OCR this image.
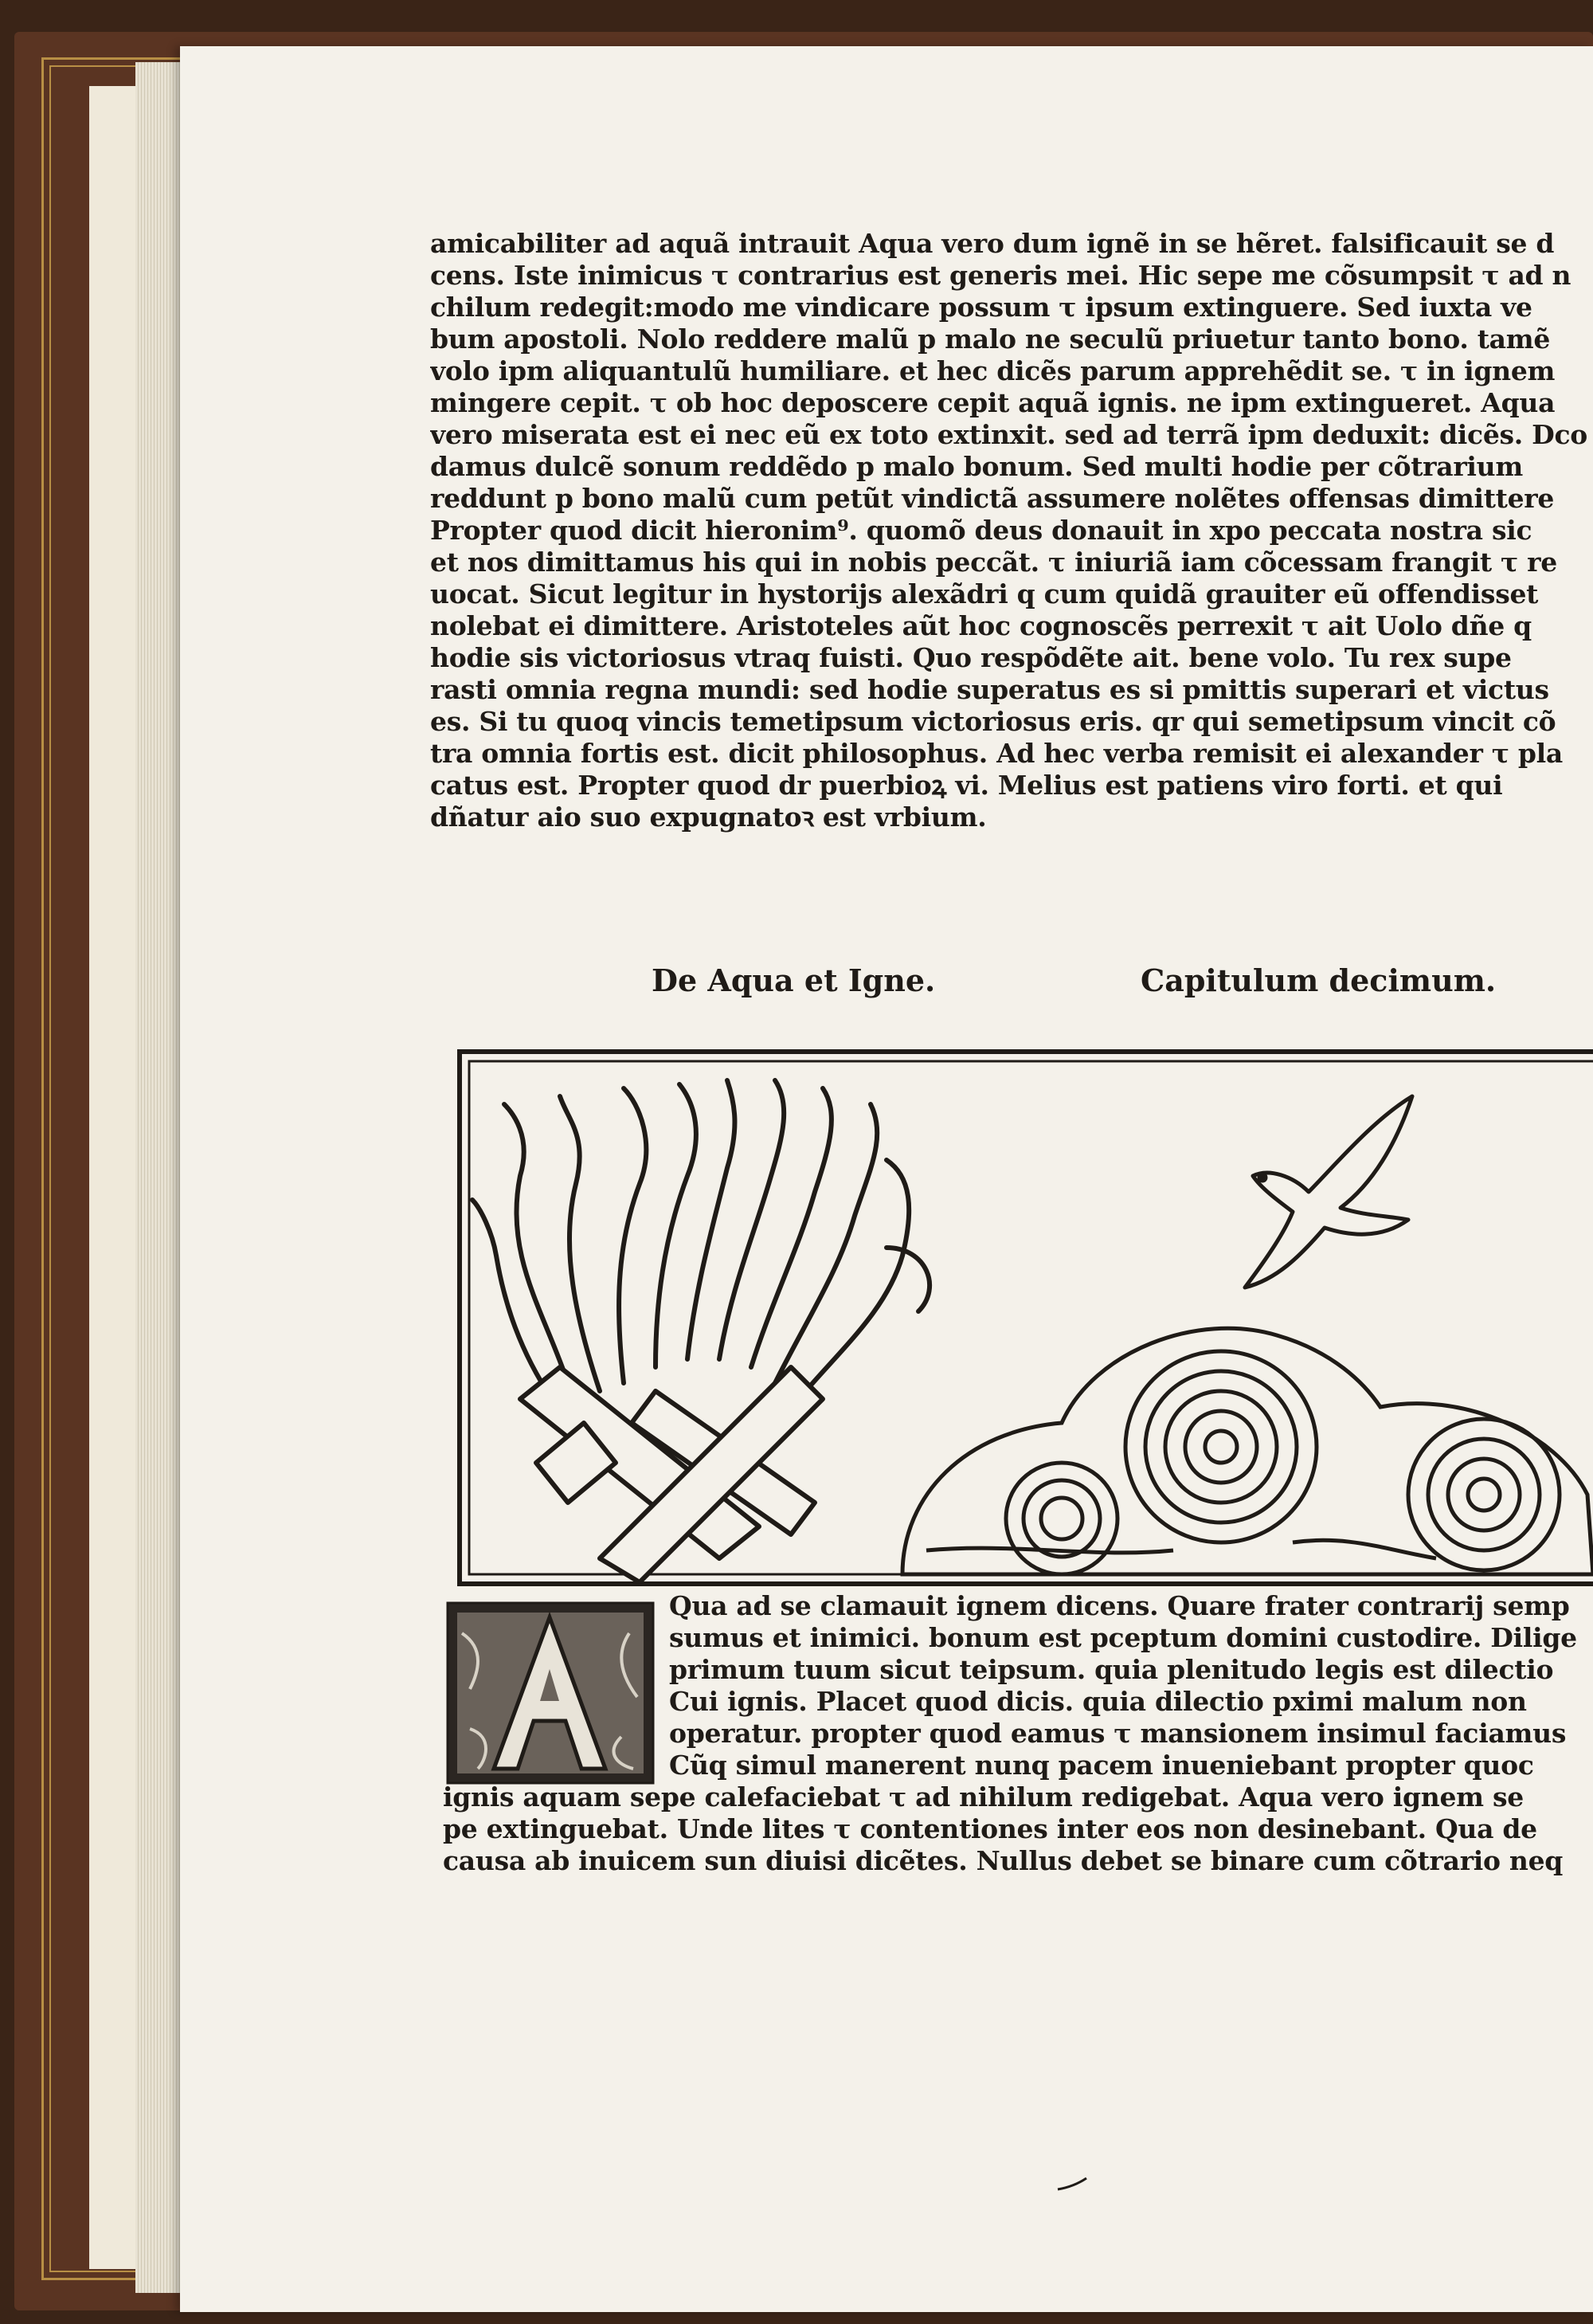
amicabiliter ad aquã intrauit Aqua vero dum ignẽ in se hẽret. falsificauit se d
cens. Iste inimicus τ contrarius est generis mei. Hic sepe me cõsumpsit τ ad n
chilum redegit:modo me vindicare possum τ ipsum extinguere. Sed iuxta ve
bum apostoli. Nolo reddere malũ p malo ne seculũ priuetur tanto bono. tamẽ
volo ipm aliquantulũ humiliare. et hec dicẽs parum apprehẽdit se. τ in ignem
mingere cepit. τ ob hoc deposcere cepit aquã ignis. ne ipm extingueret. Aqua
vero miserata est ei nec eũ ex toto extinxit. sed ad terrã ipm deduxit: dicẽs. Dco
damus dulcẽ sonum reddẽdo p malo bonum. Sed multi hodie per cõtrarium
reddunt p bono malũ cum petũt vindictã assumere nolẽtes offensas dimittere
Propter quod dicit hieronim⁹. quomõ deus donauit in xpo peccata nostra sic
et nos dimittamus his qui in nobis peccãt. τ iniuriã iam cõcessam frangit τ re
uocat. Sicut legitur in hystorijs alexãdri q cum quidã grauiter eũ offendisset
nolebat ei dimittere. Aristoteles aũt hoc cognoscẽs perrexit τ ait Uolo dñe q
hodie sis victoriosus vtraq fuisti. Quo respõdẽte ait. bene volo. Tu rex supe
rasti omnia regna mundi: sed hodie superatus es si pmittis superari et victus
es. Si tu quoq vincis temetipsum victoriosus eris. qr qui semetipsum vincit cõ
tra omnia fortis est. dicit philosophus. Ad hec verba remisit ei alexander τ pla
catus est. Propter quod dr puerbioꝝ vi. Melius est patiens viro forti. et qui
dñatur aio suo expugnatoꝛ est vrbium.
De Aqua et Igne.	Capitulum decimum.
Qua ad se clamauit ignem dicens. Quare frater contrarij semp
sumus et inimici. bonum est pceptum domini custodire. Dilige
primum tuum sicut teipsum. quia plenitudo legis est dilectio
Cui ignis. Placet quod dicis. quia dilectio pximi malum non
operatur. propter quod eamus τ mansionem insimul faciamus
Cũq simul manerent nunq pacem inueniebant propter quoc
ignis aquam sepe calefaciebat τ ad nihilum redigebat. Aqua vero ignem se
pe extinguebat. Unde lites τ contentiones inter eos non desinebant. Qua de
causa ab inuicem sun diuisi dicẽtes. Nullus debet se binare cum cõtrario neq
